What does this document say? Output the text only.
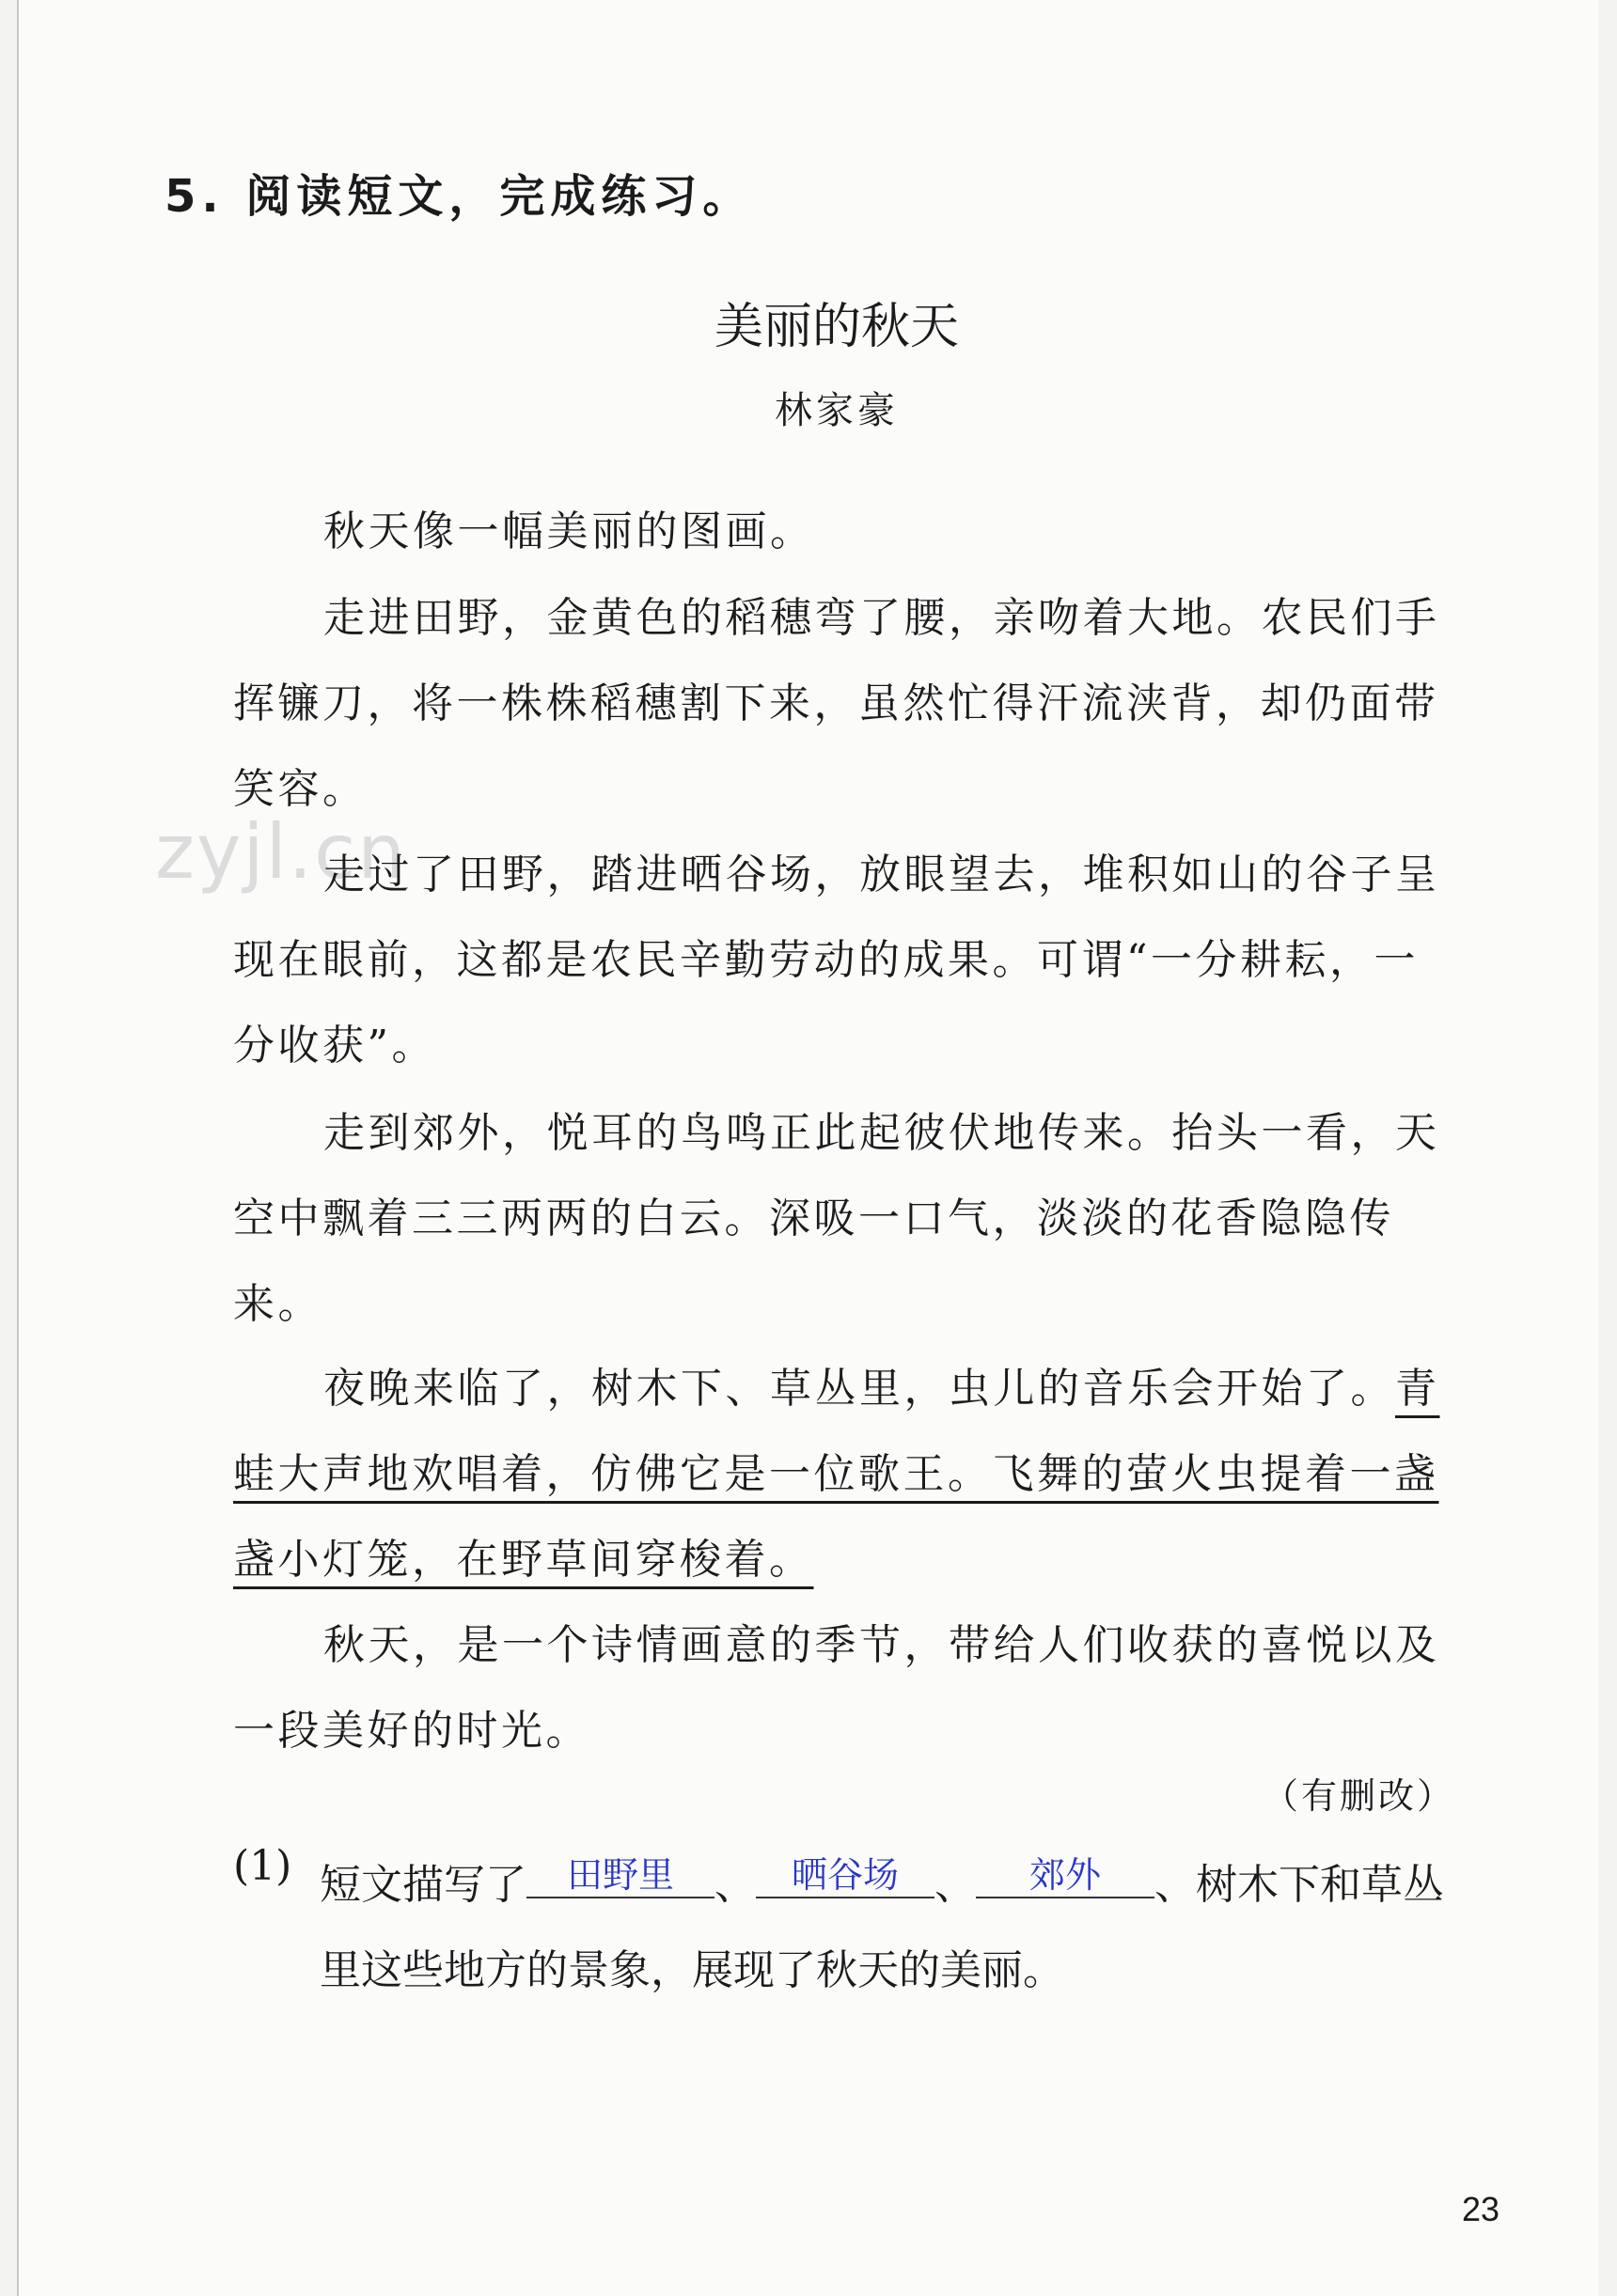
5. 阅读短文，完成练习。
美丽的秋天
林家豪
秋天像一幅美丽的图画。
走进田野，金黄色的稻穗弯了腰，亲吻着大地。农民们手挥镰刀，将一株株稻穗割下来，虽然忙得汗流浃背，却仍面带笑容。
zyjl.cn
走过了田野，踏进晒谷场，放眼望去，堆积如山的谷子呈现在眼前，这都是农民辛勤劳动的成果。可谓“一分耕耘，一分收获”。
走到郊外，悦耳的鸟鸣正此起彼伏地传来。抬头一看，天空中飘着三三两两的白云。深吸一口气，淡淡的花香隐隐传来。
夜晚来临了，树木下、草丛里，虫儿的音乐会开始了。青蛙大声地欢唱着，仿佛它是一位歌王。飞舞的萤火虫提着一盏盏小灯笼，在野草间穿梭着。
秋天，是一个诗情画意的季节，带给人们收获的喜悦以及一段美好的时光。
（有删改）
(1) 短文描写了	田野里 、 晒谷场 、	郊外	、树木下和草丛里这些地方的景象，展现了秋天的美丽。
23
